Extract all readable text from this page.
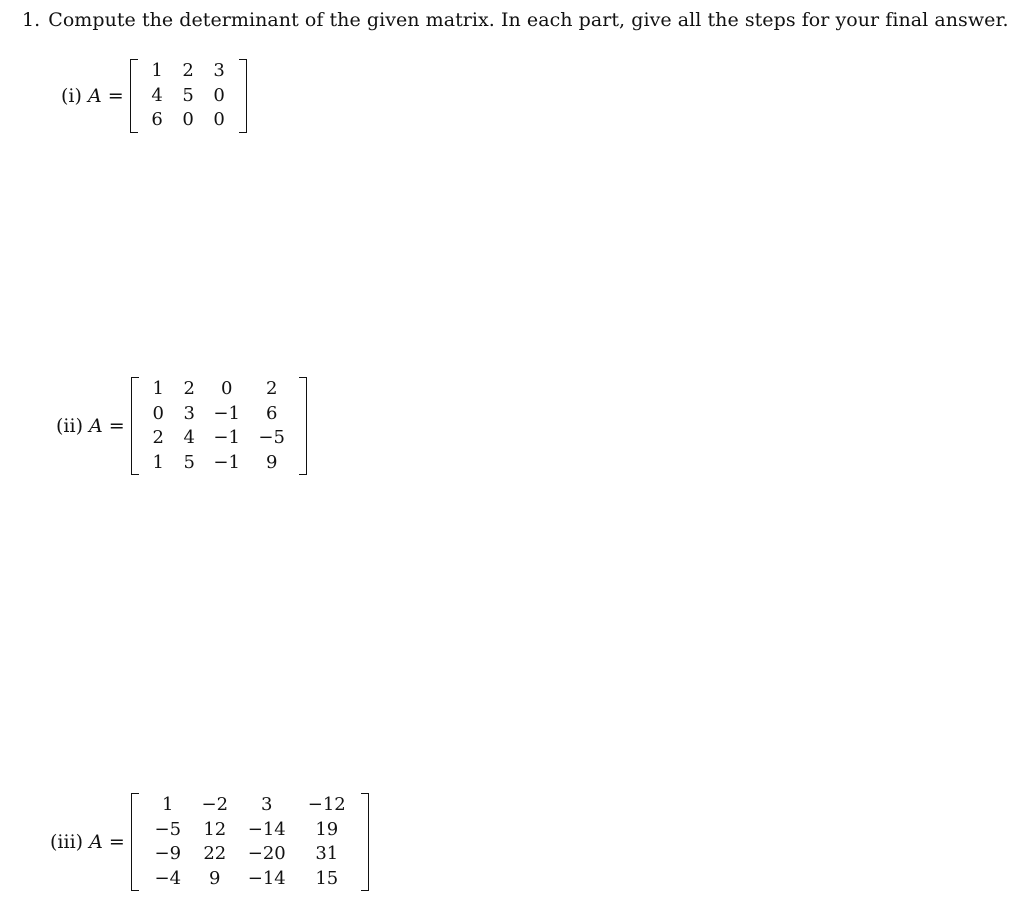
1. Compute the determinant of the given matrix. In each part, give all the steps for your final answer.
(i) A =
1	2	3
4	5	0
6	0	0
(ii) A =
1	2	0	2
0	3	−1	6
2	4	−1	−5
1	5	−1	9
(iii) A =
1	−2	3	−12
−5	12	−14	19
−9	22	−20	31
−4	9	−14	15
